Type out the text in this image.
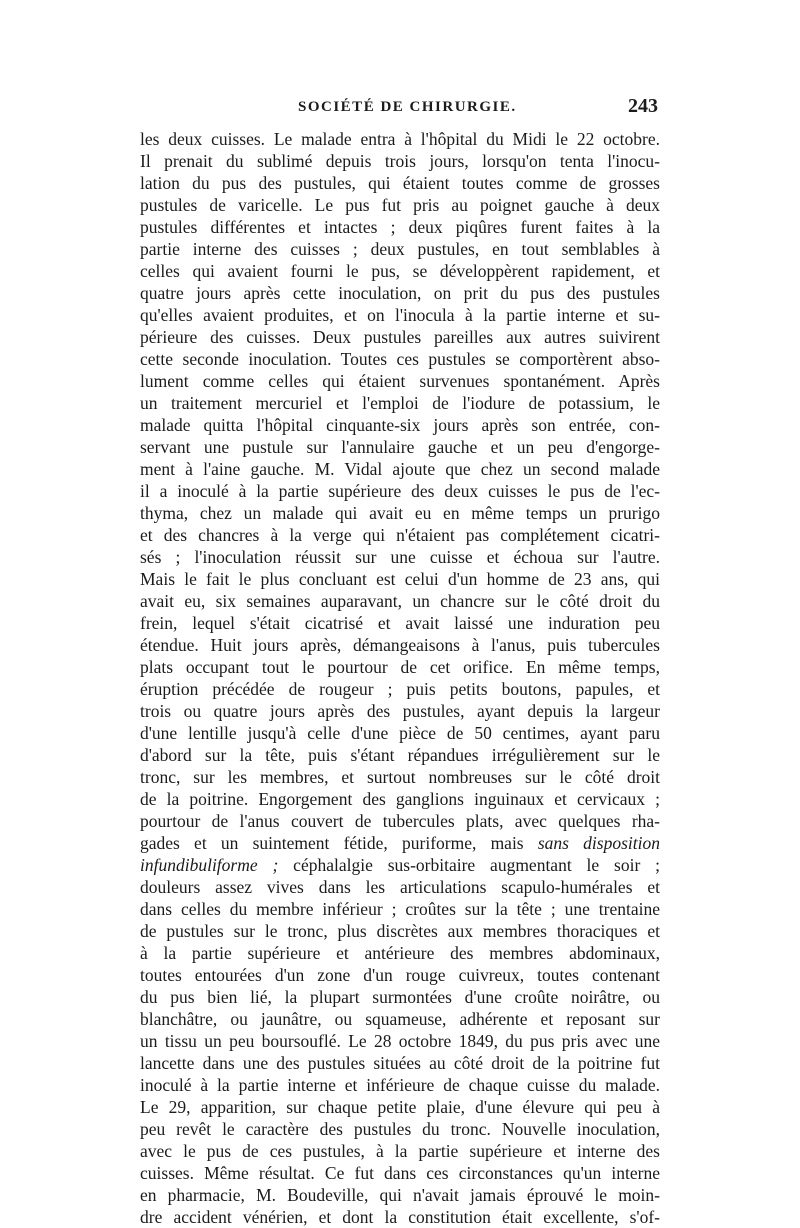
SOCIÉTÉ DE CHIRURGIE.	243
les deux cuisses. Le malade entra à l'hôpital du Midi le 22 octobre.
Il prenait du sublimé depuis trois jours, lorsqu'on tenta l'inocu-
lation du pus des pustules, qui étaient toutes comme de grosses
pustules de varicelle. Le pus fut pris au poignet gauche à deux
pustules différentes et intactes ; deux piqûres furent faites à la
partie interne des cuisses ; deux pustules, en tout semblables à
celles qui avaient fourni le pus, se développèrent rapidement, et
quatre jours après cette inoculation, on prit du pus des pustules
qu'elles avaient produites, et on l'inocula à la partie interne et su-
périeure des cuisses. Deux pustules pareilles aux autres suivirent
cette seconde inoculation. Toutes ces pustules se comportèrent abso-
lument comme celles qui étaient survenues spontanément. Après
un traitement mercuriel et l'emploi de l'iodure de potassium, le
malade quitta l'hôpital cinquante-six jours après son entrée, con-
servant une pustule sur l'annulaire gauche et un peu d'engorge-
ment à l'aine gauche. M. Vidal ajoute que chez un second malade
il a inoculé à la partie supérieure des deux cuisses le pus de l'ec-
thyma, chez un malade qui avait eu en même temps un prurigo
et des chancres à la verge qui n'étaient pas complétement cicatri-
sés ; l'inoculation réussit sur une cuisse et échoua sur l'autre.
Mais le fait le plus concluant est celui d'un homme de 23 ans, qui
avait eu, six semaines auparavant, un chancre sur le côté droit du
frein, lequel s'était cicatrisé et avait laissé une induration peu
étendue. Huit jours après, démangeaisons à l'anus, puis tubercules
plats occupant tout le pourtour de cet orifice. En même temps,
éruption précédée de rougeur ; puis petits boutons, papules, et
trois ou quatre jours après des pustules, ayant depuis la largeur
d'une lentille jusqu'à celle d'une pièce de 50 centimes, ayant paru
d'abord sur la tête, puis s'étant répandues irrégulièrement sur le
tronc, sur les membres, et surtout nombreuses sur le côté droit
de la poitrine. Engorgement des ganglions inguinaux et cervicaux ;
pourtour de l'anus couvert de tubercules plats, avec quelques rha-
gades et un suintement fétide, puriforme, mais sans disposition
infundibuliforme ; céphalalgie sus-orbitaire augmentant le soir ;
douleurs assez vives dans les articulations scapulo-humérales et
dans celles du membre inférieur ; croûtes sur la tête ; une trentaine
de pustules sur le tronc, plus discrètes aux membres thoraciques et
à la partie supérieure et antérieure des membres abdominaux,
toutes entourées d'un zone d'un rouge cuivreux, toutes contenant
du pus bien lié, la plupart surmontées d'une croûte noirâtre, ou
blanchâtre, ou jaunâtre, ou squameuse, adhérente et reposant sur
un tissu un peu boursouflé. Le 28 octobre 1849, du pus pris avec une
lancette dans une des pustules situées au côté droit de la poitrine fut
inoculé à la partie interne et inférieure de chaque cuisse du malade.
Le 29, apparition, sur chaque petite plaie, d'une élevure qui peu à
peu revêt le caractère des pustules du tronc. Nouvelle inoculation,
avec le pus de ces pustules, à la partie supérieure et interne des
cuisses. Même résultat. Ce fut dans ces circonstances qu'un interne
en pharmacie, M. Boudeville, qui n'avait jamais éprouvé le moin-
dre accident vénérien, et dont la constitution était excellente, s'of-
